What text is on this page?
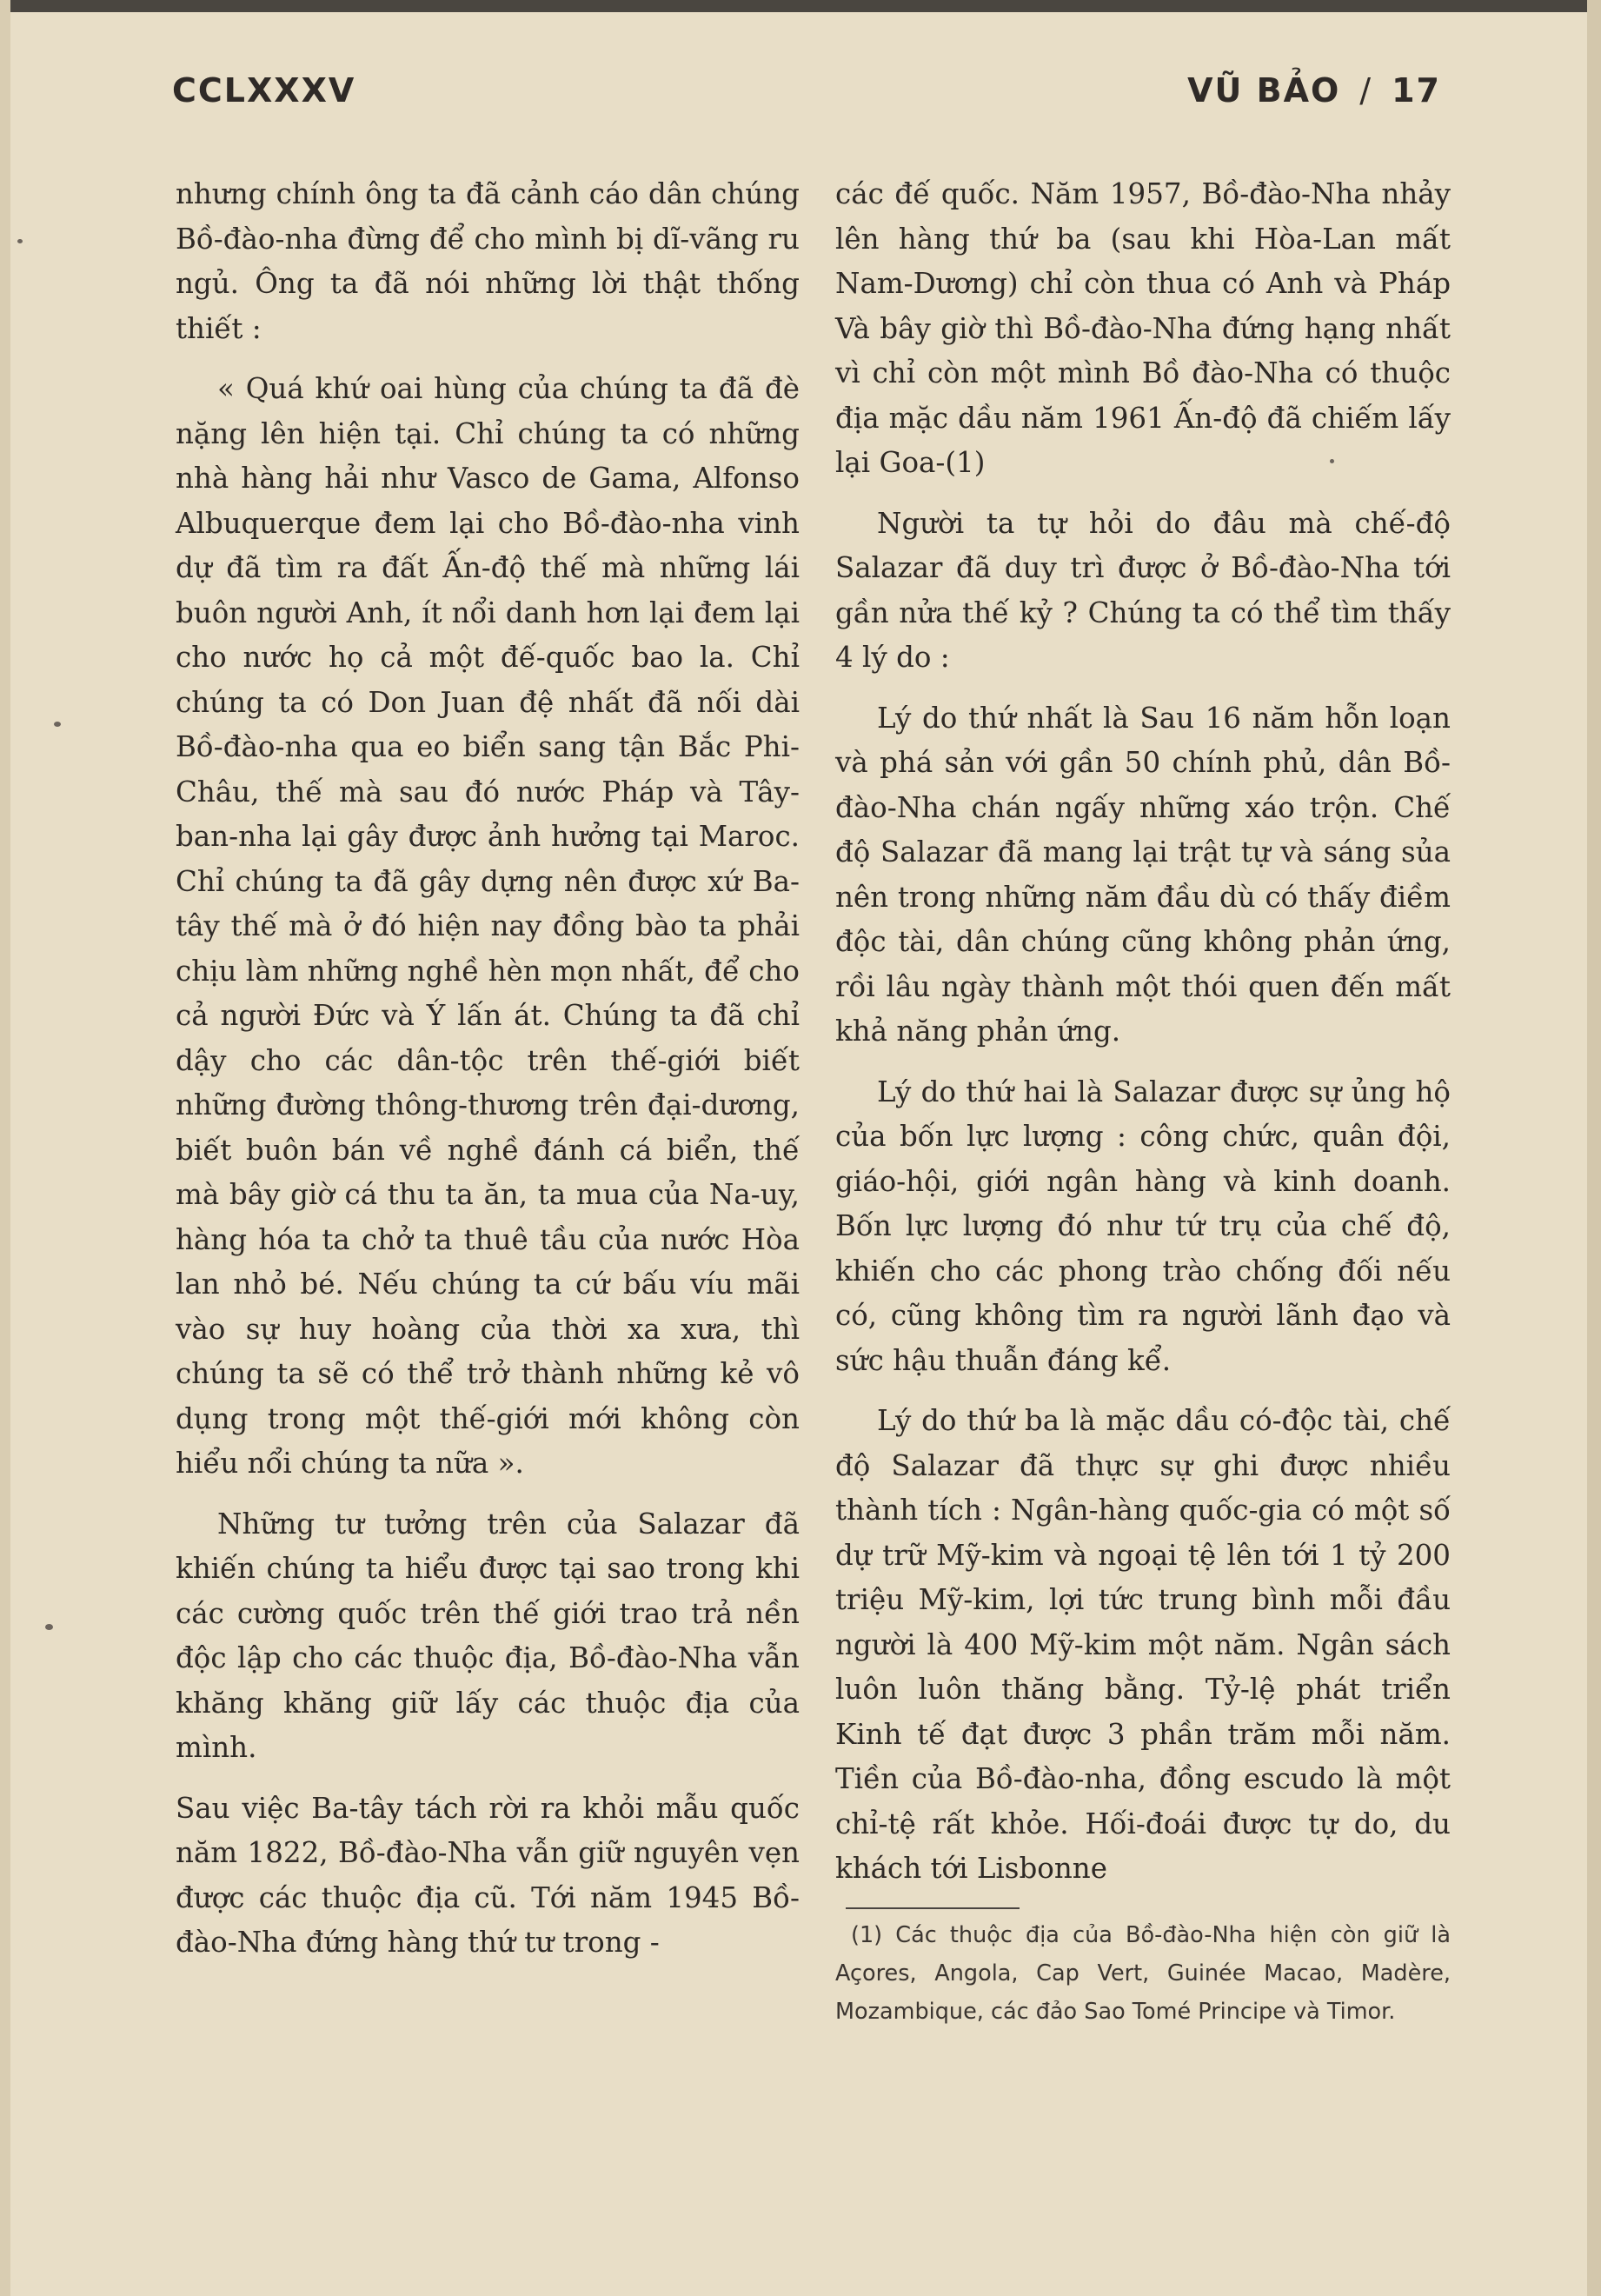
CCLXXXV	VŨ BẢO / 17

nhưng chính ông ta đã cảnh cáo dân chúng Bồ-đào-nha đừng để cho mình bị dĩ-vãng ru ngủ. Ông ta đã nói những lời thật thống thiết :

« Quá khứ oai hùng của chúng ta đã đè nặng lên hiện tại. Chỉ chúng ta có những nhà hàng hải như Vasco de Gama, Alfonso Albuquerque đem lại cho Bồ-đào-nha vinh dự đã tìm ra đất Ấn-độ thế mà những lái buôn người Anh, ít nổi danh hơn lại đem lại cho nước họ cả một đế-quốc bao la. Chỉ chúng ta có Don Juan đệ nhất đã nối dài Bồ-đào-nha qua eo biển sang tận Bắc Phi-Châu, thế mà sau đó nước Pháp và Tây-ban-nha lại gây được ảnh hưởng tại Maroc. Chỉ chúng ta đã gây dựng nên được xứ Ba-tây thế mà ở đó hiện nay đồng bào ta phải chịu làm những nghề hèn mọn nhất, để cho cả người Đức và Ý lấn át. Chúng ta đã chỉ dậy cho các dân-tộc trên thế-giới biết những đường thông-thương trên đại-dương, biết buôn bán về nghề đánh cá biển, thế mà bây giờ cá thu ta ăn, ta mua của Na-uy, hàng hóa ta chở ta thuê tầu của nước Hòa lan nhỏ bé. Nếu chúng ta cứ bấu víu mãi vào sự huy hoàng của thời xa xưa, thì chúng ta sẽ có thể trở thành những kẻ vô dụng trong một thế-giới mới không còn hiểu nổi chúng ta nữa ».

Những tư tưởng trên của Salazar đã khiến chúng ta hiểu được tại sao trong khi các cường quốc trên thế giới trao trả nền độc lập cho các thuộc địa, Bồ-đào-Nha vẫn khăng khăng giữ lấy các thuộc địa của mình.

Sau việc Ba-tây tách rời ra khỏi mẫu quốc năm 1822, Bồ-đào-Nha vẫn giữ nguyên vẹn được các thuộc địa cũ. Tới năm 1945 Bồ-đào-Nha đứng hàng thứ tư trong -

các đế quốc. Năm 1957, Bồ-đào-Nha nhảy lên hàng thứ ba (sau khi Hòa-Lan mất Nam-Dương) chỉ còn thua có Anh và Pháp Và bây giờ thì Bồ-đào-Nha đứng hạng nhất vì chỉ còn một mình Bồ đào-Nha có thuộc địa mặc dầu năm 1961 Ấn-độ đã chiếm lấy lại Goa-(1)

Người ta tự hỏi do đâu mà chế-độ Salazar đã duy trì được ở Bồ-đào-Nha tới gần nửa thế kỷ ? Chúng ta có thể tìm thấy 4 lý do :

Lý do thứ nhất là Sau 16 năm hỗn loạn và phá sản với gần 50 chính phủ, dân Bồ-đào-Nha chán ngấy những xáo trộn. Chế độ Salazar đã mang lại trật tự và sáng sủa nên trong những năm đầu dù có thấy điềm độc tài, dân chúng cũng không phản ứng, rồi lâu ngày thành một thói quen đến mất khả năng phản ứng.

Lý do thứ hai là Salazar được sự ủng hộ của bốn lực lượng : công chức, quân đội, giáo-hội, giới ngân hàng và kinh doanh. Bốn lực lượng đó như tứ trụ của chế độ, khiến cho các phong trào chống đối nếu có, cũng không tìm ra người lãnh đạo và sức hậu thuẫn đáng kể.

Lý do thứ ba là mặc dầu có-độc tài, chế độ Salazar đã thực sự ghi được nhiều thành tích : Ngân-hàng quốc-gia có một số dự trữ Mỹ-kim và ngoại tệ lên tới 1 tỷ 200 triệu Mỹ-kim, lợi tức trung bình mỗi đầu người là 400 Mỹ-kim một năm. Ngân sách luôn luôn thăng bằng. Tỷ-lệ phát triển Kinh tế đạt được 3 phần trăm mỗi năm. Tiền của Bồ-đào-nha, đồng escudo là một chỉ-tệ rất khỏe. Hối-đoái được tự do, du khách tới Lisbonne

(1) Các thuộc địa của Bồ-đào-Nha hiện còn giữ là Açores, Angola, Cap Vert, Guinée Macao, Madère, Mozambique, các đảo Sao Tomé Principe và Timor.
